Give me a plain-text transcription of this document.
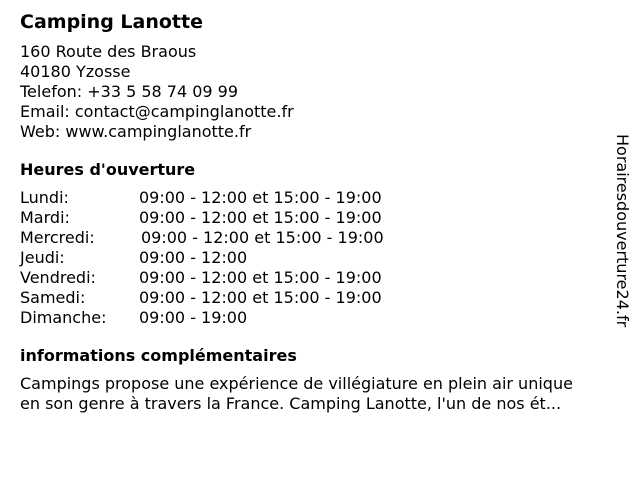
Camping Lanotte
160 Route des Braous
40180 Yzosse
Telefon: +33 5 58 74 09 99
Email: contact@campinglanotte.fr
Web: www.campinglanotte.fr
Heures d'ouverture
Lundi:	09:00 - 12:00 et 15:00 - 19:00
Mardi:	09:00 - 12:00 et 15:00 - 19:00
Mercredi:	09:00 - 12:00 et 15:00 - 19:00
Jeudi:	09:00 - 12:00
Vendredi:	09:00 - 12:00 et 15:00 - 19:00
Samedi:	09:00 - 12:00 et 15:00 - 19:00
Dimanche: 09:00 - 19:00
informations complémentaires
Campings propose une expérience de villégiature en plein air unique
en son genre à travers la France. Camping Lanotte, l'un de nos ét...
Horairesdouverture24.fr
